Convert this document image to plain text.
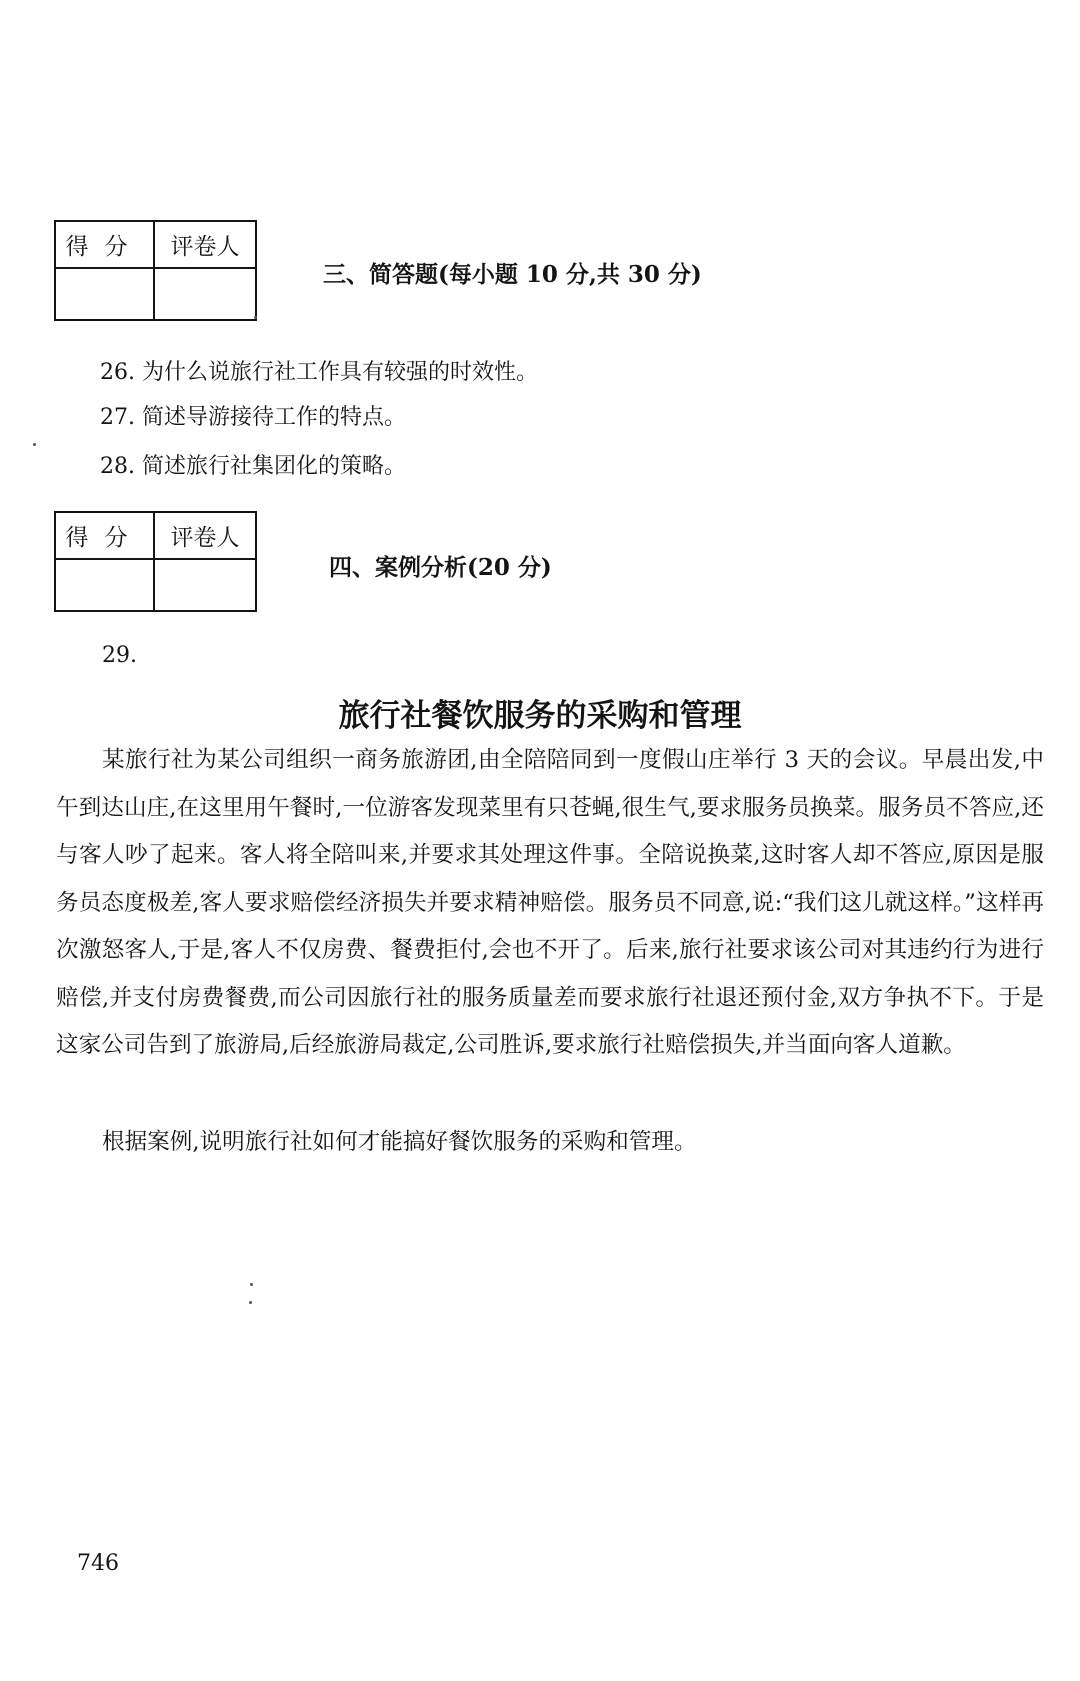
得分	评卷人

三、简答题(每小题 10 分,共 30 分)
26. 为什么说旅行社工作具有较强的时效性。
27. 简述导游接待工作的特点。
28. 简述旅行社集团化的策略。
得分	评卷人

四、案例分析(20 分)
29.
旅行社餐饮服务的采购和管理

某旅行社为某公司组织一商务旅游团,由全陪陪同到一度假山庄举行 3 天的会议。早晨出发,中午到达山庄,在这里用午餐时,一位游客发现菜里有只苍蝇,很生气,要求服务员换菜。服务员不答应,还与客人吵了起来。客人将全陪叫来,并要求其处理这件事。全陪说换菜,这时客人却不答应,原因是服务员态度极差,客人要求赔偿经济损失并要求精神赔偿。服务员不同意,说:“我们这儿就这样。”这样再次激怒客人,于是,客人不仅房费、餐费拒付,会也不开了。后来,旅行社要求该公司对其违约行为进行赔偿,并支付房费餐费,而公司因旅行社的服务质量差而要求旅行社退还预付金,双方争执不下。于是这家公司告到了旅游局,后经旅游局裁定,公司胜诉,要求旅行社赔偿损失,并当面向客人道歉。

根据案例,说明旅行社如何才能搞好餐饮服务的采购和管理。
746
